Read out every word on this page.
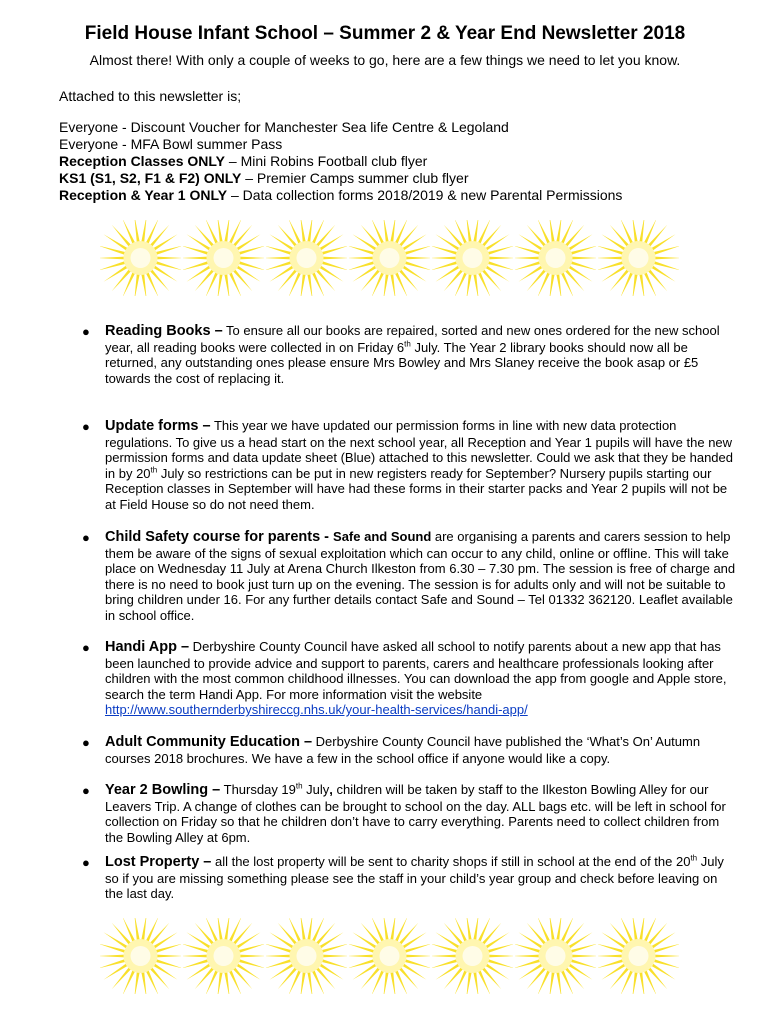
Field House Infant School – Summer 2 & Year End Newsletter 2018
Almost there! With only a couple of weeks to go, here are a few things we need to let you know.
Attached to this newsletter is;
Everyone - Discount Voucher for Manchester Sea life Centre & Legoland
Everyone - MFA Bowl summer Pass
Reception Classes ONLY – Mini Robins Football club flyer
KS1 (S1, S2, F1 & F2) ONLY – Premier Camps summer club flyer
Reception & Year 1 ONLY – Data collection forms 2018/2019 & new Parental Permissions
● Reading Books – To ensure all our books are repaired, sorted and new ones ordered for the new school year, all reading books were collected in on Friday 6th July. The Year 2 library books should now all be returned, any outstanding ones please ensure Mrs Bowley and Mrs Slaney receive the book asap or £5 towards the cost of replacing it.
● Update forms – This year we have updated our permission forms in line with new data protection regulations. To give us a head start on the next school year, all Reception and Year 1 pupils will have the new permission forms and data update sheet (Blue) attached to this newsletter. Could we ask that they be handed in by 20th July so restrictions can be put in new registers ready for September? Nursery pupils starting our Reception classes in September will have had these forms in their starter packs and Year 2 pupils will not be at Field House so do not need them.
● Child Safety course for parents - Safe and Sound are organising a parents and carers session to help them be aware of the signs of sexual exploitation which can occur to any child, online or offline. This will take place on Wednesday 11 July at Arena Church Ilkeston from 6.30 – 7.30 pm. The session is free of charge and there is no need to book just turn up on the evening. The session is for adults only and will not be suitable to bring children under 16. For any further details contact Safe and Sound – Tel 01332 362120. Leaflet available in school office.
● Handi App – Derbyshire County Council have asked all school to notify parents about a new app that has been launched to provide advice and support to parents, carers and healthcare professionals looking after children with the most common childhood illnesses. You can download the app from google and Apple store, search the term Handi App. For more information visit the website http://www.southernderbyshireccg.nhs.uk/your-health-services/handi-app/
● Adult Community Education – Derbyshire County Council have published the ‘What’s On’ Autumn courses 2018 brochures. We have a few in the school office if anyone would like a copy.
● Year 2 Bowling – Thursday 19th July, children will be taken by staff to the Ilkeston Bowling Alley for our Leavers Trip. A change of clothes can be brought to school on the day. ALL bags etc. will be left in school for collection on Friday so that he children don’t have to carry everything. Parents need to collect children from the Bowling Alley at 6pm.
● Lost Property – all the lost property will be sent to charity shops if still in school at the end of the 20th July so if you are missing something please see the staff in your child’s year group and check before leaving on the last day.
